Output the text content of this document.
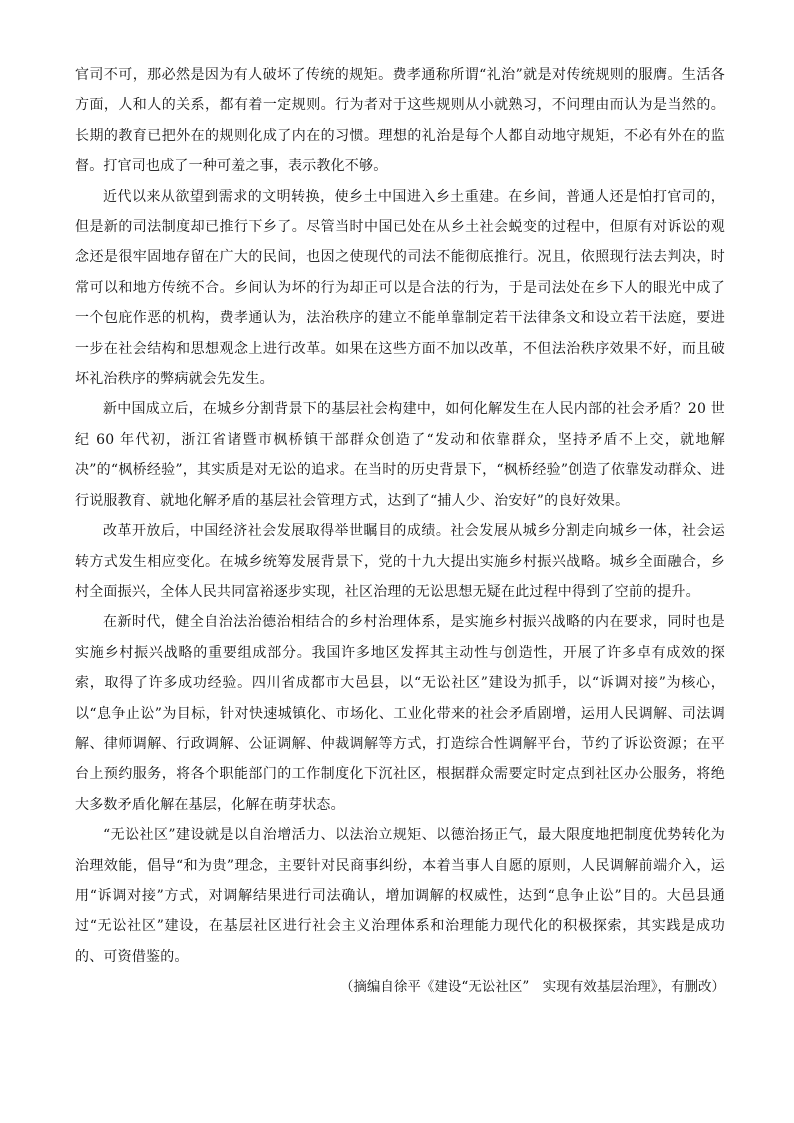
官司不可，那必然是因为有人破坏了传统的规矩。费孝通称所谓“礼治”就是对传统规则的服膺。生活各方面，人和人的关系，都有着一定规则。行为者对于这些规则从小就熟习，不问理由而认为是当然的。长期的教育已把外在的规则化成了内在的习惯。理想的礼治是每个人都自动地守规矩，不必有外在的监督。打官司也成了一种可羞之事，表示教化不够。

近代以来从欲望到需求的文明转换，使乡土中国进入乡土重建。在乡间，普通人还是怕打官司的，但是新的司法制度却已推行下乡了。尽管当时中国已处在从乡土社会蜕变的过程中，但原有对诉讼的观念还是很牢固地存留在广大的民间，也因之使现代的司法不能彻底推行。况且，依照现行法去判决，时常可以和地方传统不合。乡间认为坏的行为却正可以是合法的行为，于是司法处在乡下人的眼光中成了一个包庇作恶的机构，费孝通认为，法治秩序的建立不能单靠制定若干法律条文和设立若干法庭，要进一步在社会结构和思想观念上进行改革。如果在这些方面不加以改革，不但法治秩序效果不好，而且破坏礼治秩序的弊病就会先发生。

新中国成立后，在城乡分割背景下的基层社会构建中，如何化解发生在人民内部的社会矛盾？20 世纪 60 年代初，浙江省诸暨市枫桥镇干部群众创造了“发动和依靠群众，坚持矛盾不上交，就地解决”的“枫桥经验”，其实质是对无讼的追求。在当时的历史背景下，“枫桥经验”创造了依靠发动群众、进行说服教育、就地化解矛盾的基层社会管理方式，达到了“捕人少、治安好”的良好效果。

改革开放后，中国经济社会发展取得举世瞩目的成绩。社会发展从城乡分割走向城乡一体，社会运转方式发生相应变化。在城乡统筹发展背景下，党的十九大提出实施乡村振兴战略。城乡全面融合，乡村全面振兴，全体人民共同富裕逐步实现，社区治理的无讼思想无疑在此过程中得到了空前的提升。

在新时代，健全自治法治德治相结合的乡村治理体系，是实施乡村振兴战略的内在要求，同时也是实施乡村振兴战略的重要组成部分。我国许多地区发挥其主动性与创造性，开展了许多卓有成效的探索，取得了许多成功经验。四川省成都市大邑县，以“无讼社区”建设为抓手，以“诉调对接”为核心，以“息争止讼”为目标，针对快速城镇化、市场化、工业化带来的社会矛盾剧增，运用人民调解、司法调解、律师调解、行政调解、公证调解、仲裁调解等方式，打造综合性调解平台，节约了诉讼资源；在平台上预约服务，将各个职能部门的工作制度化下沉社区，根据群众需要定时定点到社区办公服务，将绝大多数矛盾化解在基层，化解在萌芽状态。

“无讼社区”建设就是以自治增活力、以法治立规矩、以德治扬正气，最大限度地把制度优势转化为治理效能，倡导“和为贵”理念，主要针对民商事纠纷，本着当事人自愿的原则，人民调解前端介入，运用“诉调对接”方式，对调解结果进行司法确认，增加调解的权威性，达到“息争止讼”目的。大邑县通过“无讼社区”建设，在基层社区进行社会主义治理体系和治理能力现代化的积极探索，其实践是成功的、可资借鉴的。

（摘编自徐平《建设“无讼社区”　实现有效基层治理》，有删改）
